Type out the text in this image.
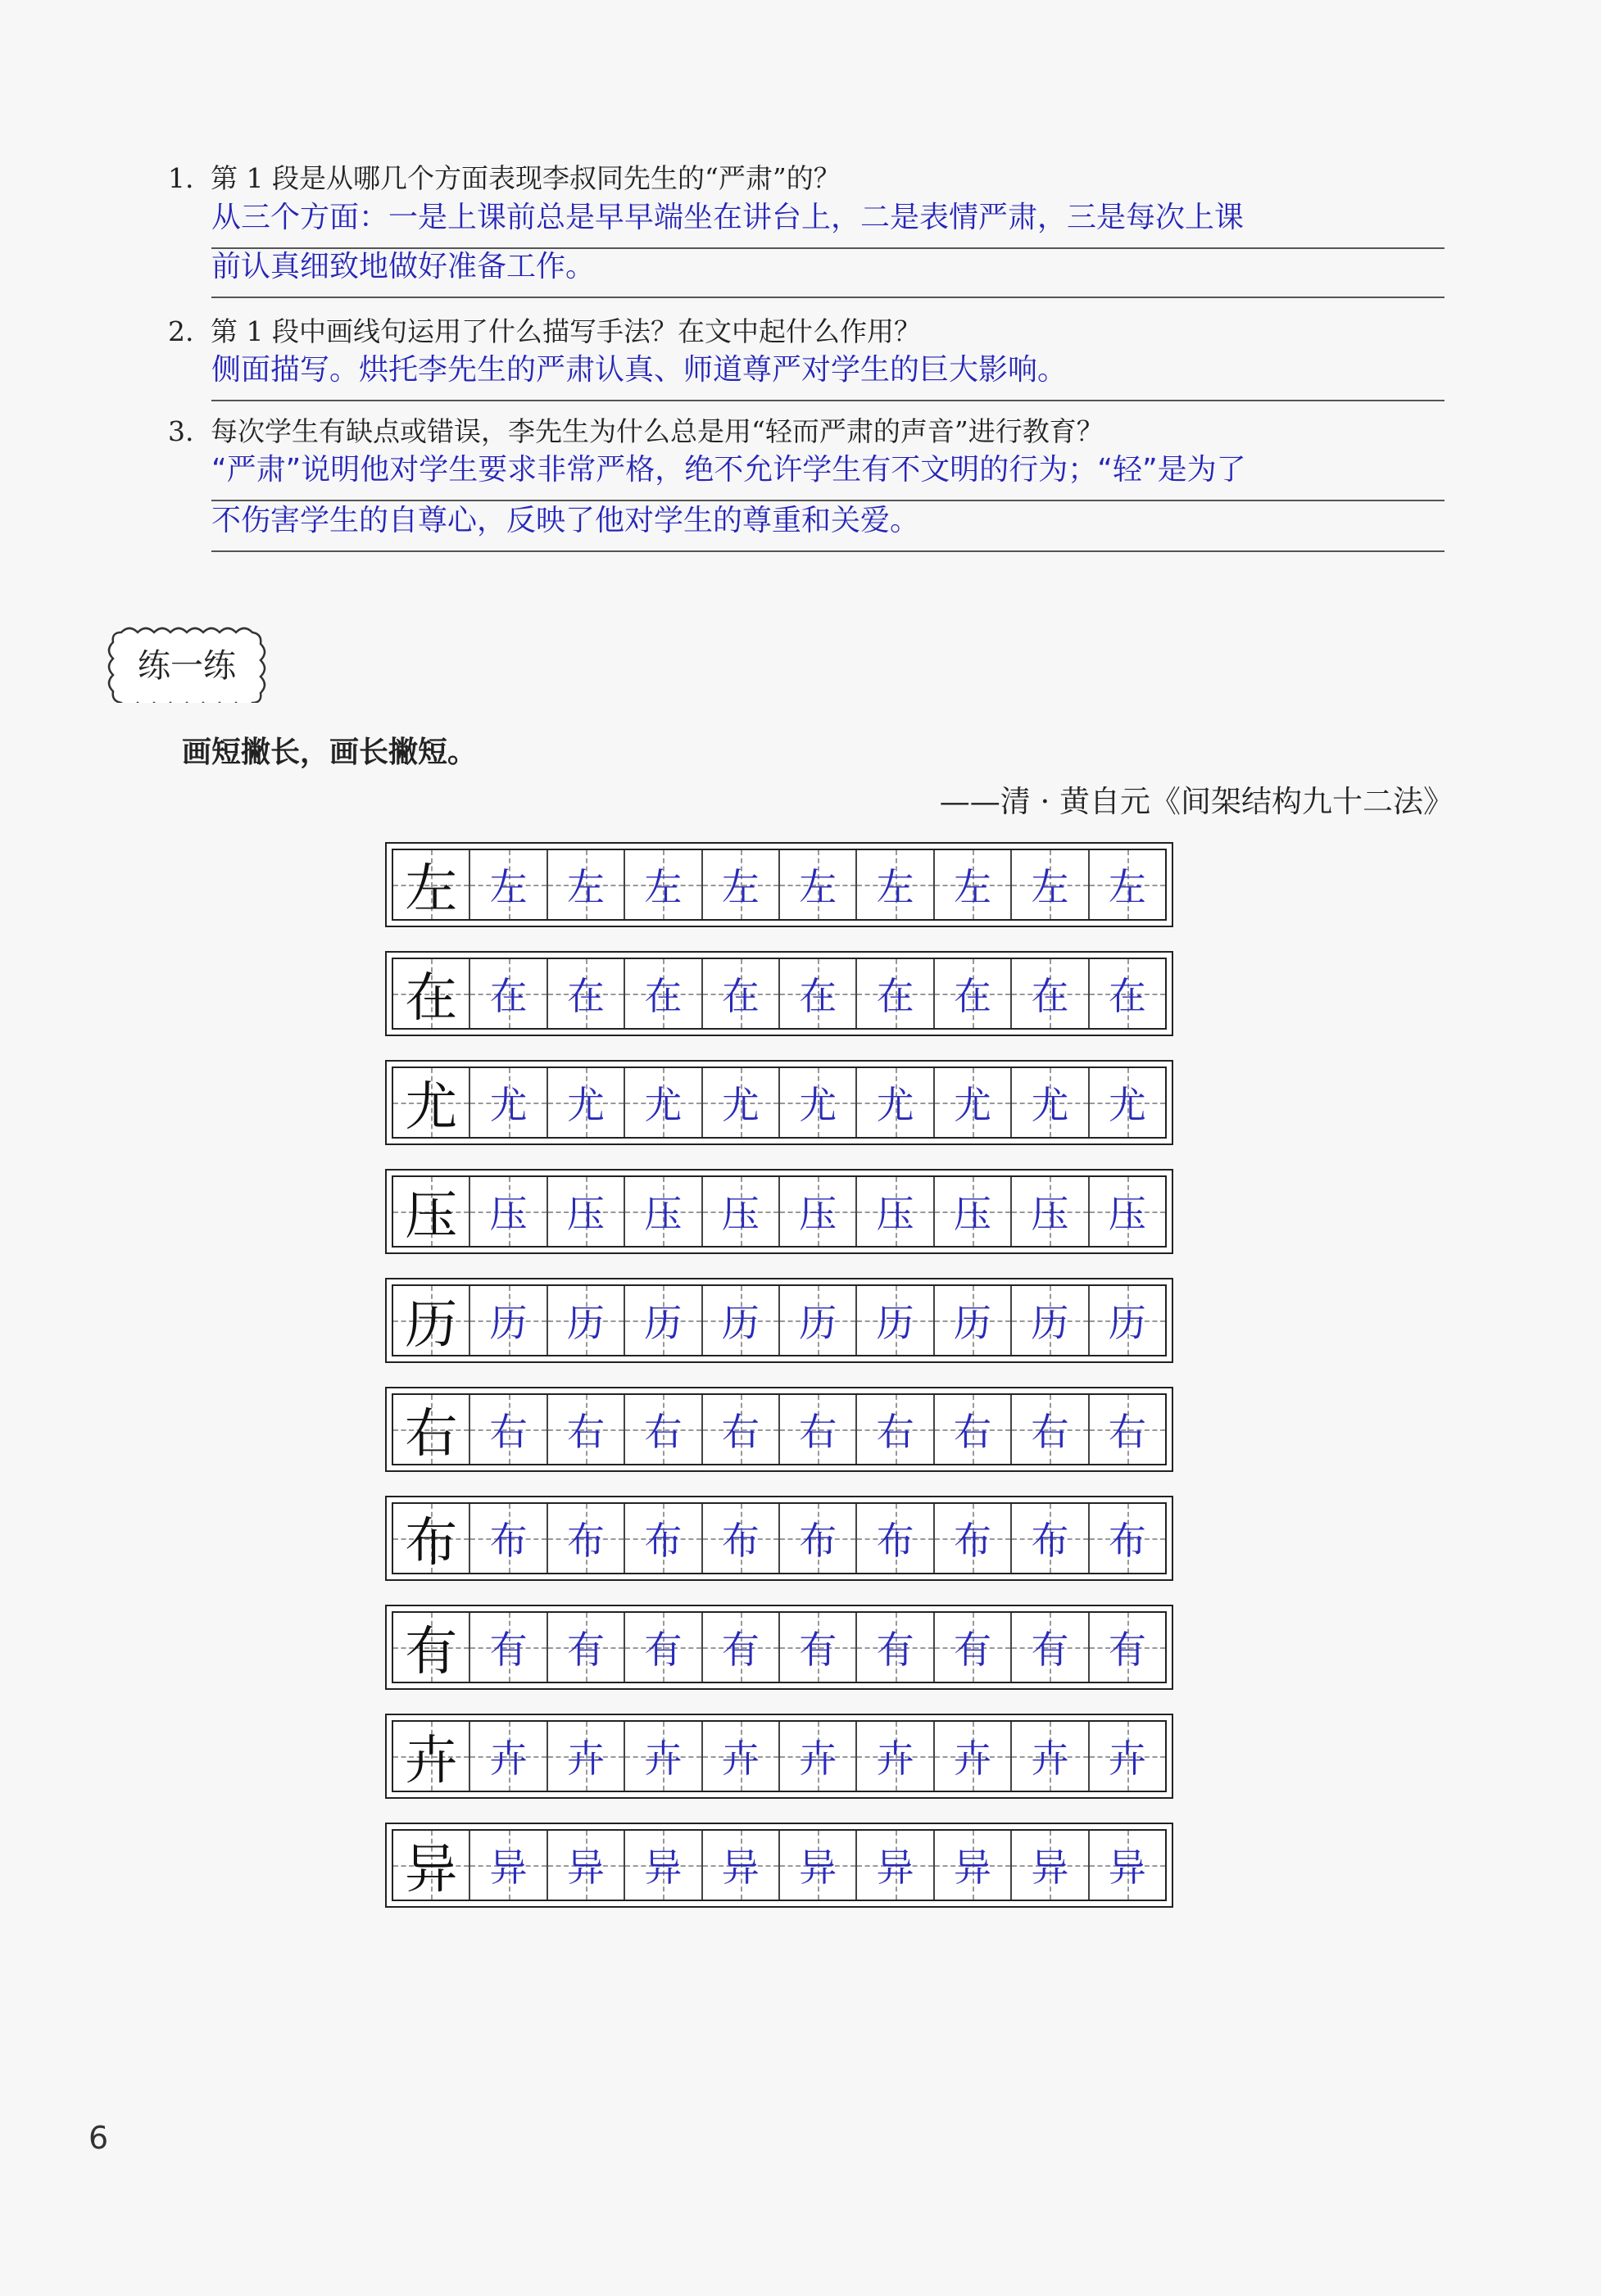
1. 第 1 段是从哪几个方面表现李叔同先生的“严肃”的？
从三个方面：一是上课前总是早早端坐在讲台上，二是表情严肃，三是每次上课
前认真细致地做好准备工作。
2. 第 1 段中画线句运用了什么描写手法？在文中起什么作用？
侧面描写。烘托李先生的严肃认真、师道尊严对学生的巨大影响。
3. 每次学生有缺点或错误，李先生为什么总是用“轻而严肃的声音”进行教育？
“严肃”说明他对学生要求非常严格，绝不允许学生有不文明的行为；“轻”是为了
不伤害学生的自尊心，反映了他对学生的尊重和关爱。
练一练
画短撇长，画长撇短。
——清 · 黄自元《间架结构九十二法》
左 左 左 左 左 左 左 左 左 左
在 在 在 在 在 在 在 在 在 在
尤 尤 尤 尤 尤 尤 尤 尤 尤 尤
压 压 压 压 压 压 压 压 压 压
历 历 历 历 历 历 历 历 历 历
右 右 右 右 右 右 右 右 右 右
布 布 布 布 布 布 布 布 布 布
有 有 有 有 有 有 有 有 有 有
卉 卉 卉 卉 卉 卉 卉 卉 卉 卉
异 异 异 异 异 异 异 异 异 异
6
